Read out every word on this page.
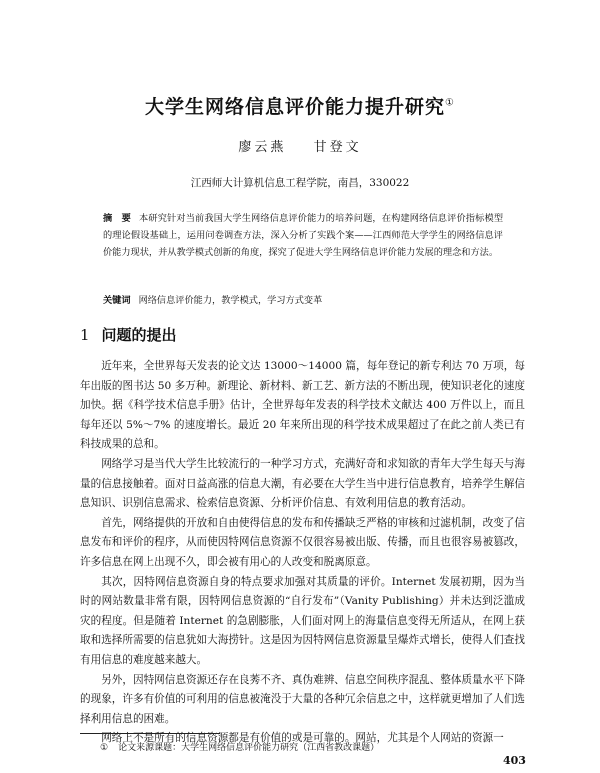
大学生网络信息评价能力提升研究①
廖云燕 甘登文
江西师大计算机信息工程学院，南昌，330022
摘　要 本研究针对当前我国大学生网络信息评价能力的培养问题，在构建网络信息评价指标模型的理论假设基础上，运用问卷调查方法，深入分析了实践个案——江西师范大学学生的网络信息评价能力现状，并从教学模式创新的角度，探究了促进大学生网络信息评价能力发展的理念和方法。
关键词 网络信息评价能力，教学模式，学习方式变革
1 问题的提出

近年来，全世界每天发表的论文达 13000～14000 篇，每年登记的新专利达 70 万项，每年出版的图书达 50 多万种。新理论、新材料、新工艺、新方法的不断出现，使知识老化的速度加快。据《科学技术信息手册》估计，全世界每年发表的科学技术文献达 400 万件以上，而且每年还以 5%～7% 的速度增长。最近 20 年来所出现的科学技术成果超过了在此之前人类已有科技成果的总和。

网络学习是当代大学生比较流行的一种学习方式，充满好奇和求知欲的青年大学生每天与海量的信息接触着。面对日益高涨的信息大潮，有必要在大学生当中进行信息教育，培养学生解信息知识、识别信息需求、检索信息资源、分析评价信息、有效利用信息的教育活动。

首先，网络提供的开放和自由使得信息的发布和传播缺乏严格的审核和过滤机制，改变了信息发布和评价的程序，从而使因特网信息资源不仅很容易被出版、传播，而且也很容易被篡改，许多信息在网上出现不久，即会被有用心的人改变和脱离原意。

其次，因特网信息资源自身的特点要求加强对其质量的评价。Internet 发展初期，因为当时的网站数量非常有限，因特网信息资源的“自行发布”（Vanity Publishing）并未达到泛滥成灾的程度。但是随着 Internet 的急剧膨胀，人们面对网上的海量信息变得无所适从，在网上获取和选择所需要的信息犹如大海捞针。这是因为因特网信息资源量呈爆炸式增长，使得人们查找有用信息的难度越来越大。

另外，因特网信息资源还存在良莠不齐、真伪难辨、信息空间秩序混乱、整体质量水平下降的现象，许多有价值的可利用的信息被淹没于大量的各种冗余信息之中，这样就更增加了人们选择利用信息的困难。

网络上不是所有的信息资源都是有价值的或是可靠的。网站，尤其是个人网站的资源一

① 论文来源课题：大学生网络信息评价能力研究（江西省教改课题）
403
